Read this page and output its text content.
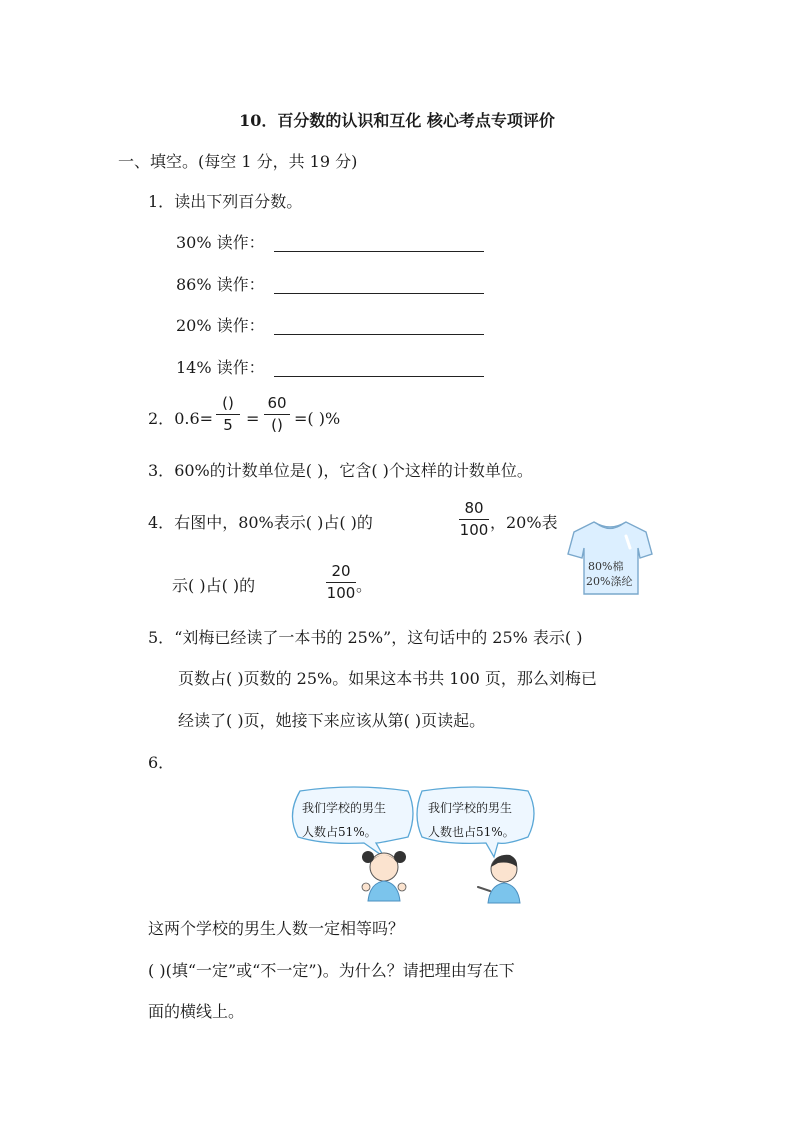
10．百分数的认识和互化 核心考点专项评价
一、填空。(每空 1 分，共 19 分)
1．读出下列百分数。
30% 读作：
86% 读作：
20% 读作：
14% 读作：
2．0.6=
()
5 =
60
() =( )%
3．60%的计数单位是( )，它含( )个这样的计数单位。
4．右图中，80%表示( )占( )的
80
100 ，20%表
示( )占( )的
20
100 。
80%棉
20%涤纶
5．“刘梅已经读了一本书的 25%”，这句话中的 25% 表示( )
页数占( )页数的 25%。如果这本书共 100 页，那么刘梅已
经读了( )页，她接下来应该从第( )页读起。
6．
我们学校的男生
人数占51%。
我们学校的男生
人数也占51%。
这两个学校的男生人数一定相等吗？
( )(填“一定”或“不一定”)。为什么？请把理由写在下
面的横线上。
